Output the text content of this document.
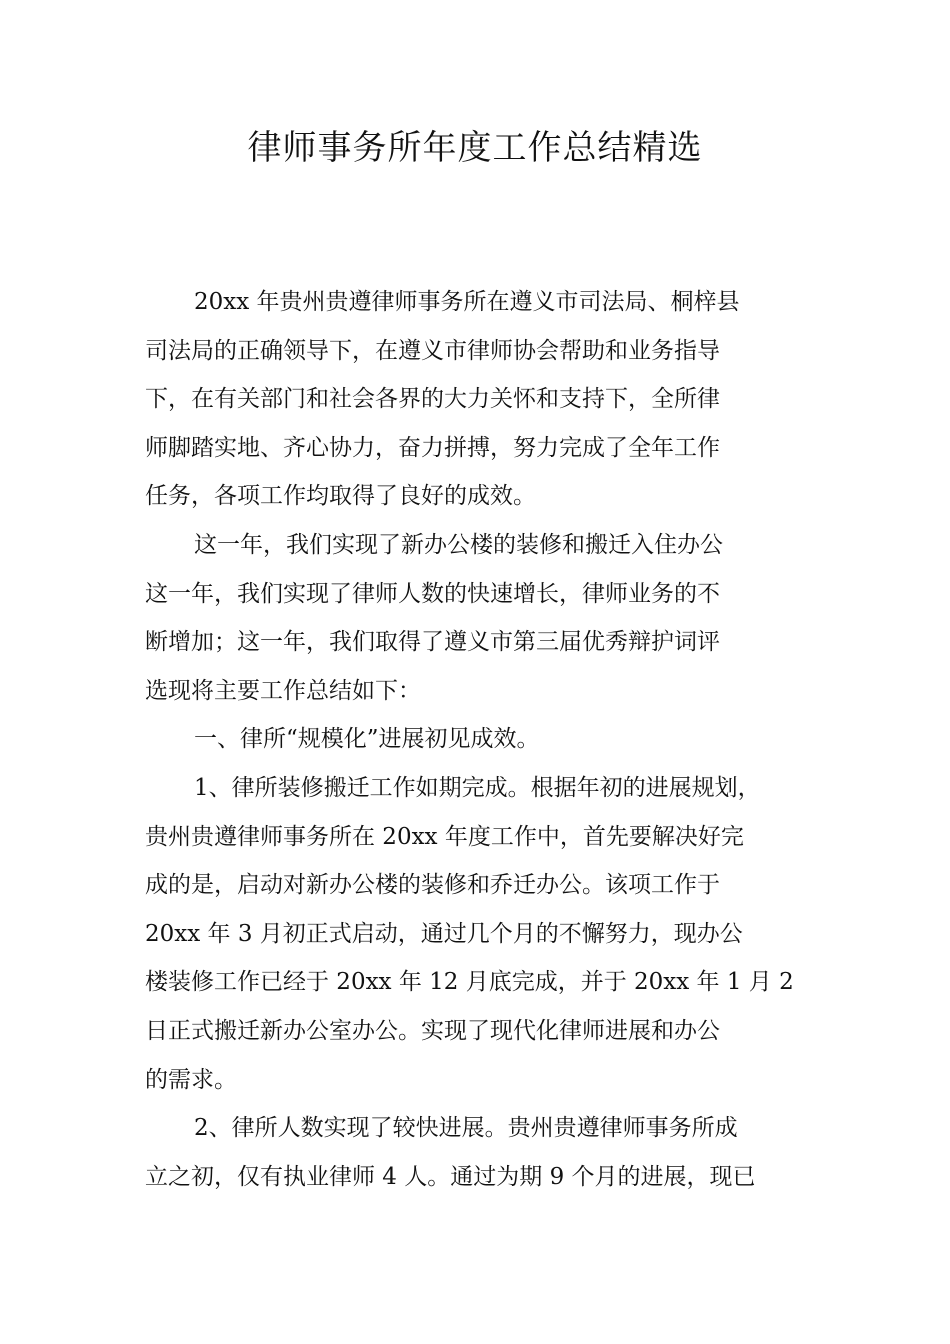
律师事务所年度工作总结精选
20xx 年贵州贵遵律师事务所在遵义市司法局、桐梓县
司法局的正确领导下，在遵义市律师协会帮助和业务指导
下，在有关部门和社会各界的大力关怀和支持下，全所律
师脚踏实地、齐心协力，奋力拼搏，努力完成了全年工作
任务，各项工作均取得了良好的成效。
这一年，我们实现了新办公楼的装修和搬迁入住办公
这一年，我们实现了律师人数的快速增长，律师业务的不
断增加；这一年，我们取得了遵义市第三届优秀辩护词评
选现将主要工作总结如下：
一、律所“规模化”进展初见成效。
1、律所装修搬迁工作如期完成。根据年初的进展规划，
贵州贵遵律师事务所在 20xx 年度工作中，首先要解决好完
成的是，启动对新办公楼的装修和乔迁办公。该项工作于
20xx 年 3 月初正式启动，通过几个月的不懈努力，现办公
楼装修工作已经于 20xx 年 12 月底完成，并于 20xx 年 1 月 2
日正式搬迁新办公室办公。实现了现代化律师进展和办公
的需求。
2、律所人数实现了较快进展。贵州贵遵律师事务所成
立之初，仅有执业律师 4 人。通过为期 9 个月的进展，现已
